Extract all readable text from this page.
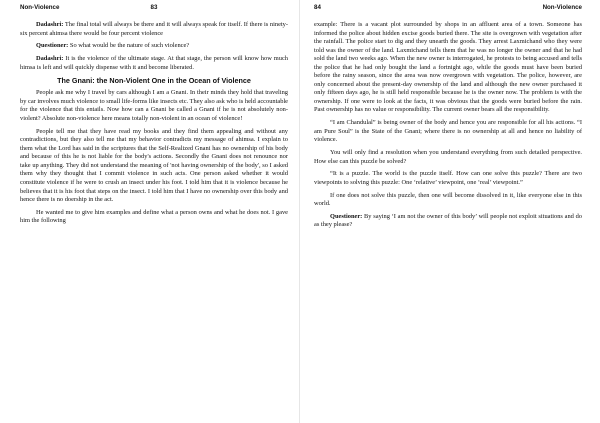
Non-Violence	83

Dadashri: The final total will always be there and it will always speak for itself. If there is ninety-six percent ahimsa there would be four percent violence

Questioner: So what would be the nature of such violence?

Dadashri: It is the violence of the ultimate stage. At that stage, the person will know how much himsa is left and will quickly dispense with it and become liberated.

The Gnani: the Non-Violent One in the Ocean of Violence

People ask me why I travel by cars although I am a Gnani. In their minds they hold that traveling by car involves much violence to small life-forms like insects etc. They also ask who is held accountable for the violence that this entails. Now how can a Gnani be called a Gnani if he is not absolutely non-violent? Absolute non-violence here means totally non-violent in an ocean of violence!

People tell me that they have read my books and they find them appealing and without any contradictions, but they also tell me that my behavior contradicts my message of ahimsa. I explain to them what the Lord has said in the scriptures that the Self-Realized Gnani has no ownership of his body and because of this he is not liable for the body's actions. Secondly the Gnani does not renounce nor take up anything. They did not understand the meaning of 'not having ownership of the body', so I asked them why they thought that I commit violence in such acts. One person asked whether it would constitute violence if he were to crush an insect under his foot. I told him that it is violence because he believes that it is his foot that steps on the insect. I told him that I have no ownership over this body and hence there is no doership in the act.

He wanted me to give him examples and define what a person owns and what he does not. I gave him the following

84	Non-Violence

example: There is a vacant plot surrounded by shops in an affluent area of a town. Someone has informed the police about hidden excise goods buried there. The site is overgrown with vegetation after the rainfall. The police start to dig and they unearth the goods. They arrest Laxmichand who they were told was the owner of the land. Laxmichand tells them that he was no longer the owner and that he had sold the land two weeks ago. When the new owner is interrogated, he protests to being accused and tells the police that he had only bought the land a fortnight ago, while the goods must have been buried before the rainy season, since the area was now overgrown with vegetation. The police, however, are only concerned about the present-day ownership of the land and although the new owner purchased it only fifteen days ago, he is still held responsible because he is the owner now. The problem is with the ownership. If one were to look at the facts, it was obvious that the goods were buried before the rain. Past ownership has no value or responsibility. The current owner bears all the responsibility.

“I am Chandulal” is being owner of the body and hence you are responsible for all his actions. “I am Pure Soul” is the State of the Gnani; where there is no ownership at all and hence no liability of violence.

You will only find a resolution when you understand everything from such detailed perspective. How else can this puzzle be solved?

“It is a puzzle. The world is the puzzle itself. How can one solve this puzzle? There are two viewpoints to solving this puzzle: One ‘relative’ viewpoint, one ‘real’ viewpoint.”

If one does not solve this puzzle, then one will become dissolved in it, like everyone else in this world.

Questioner: By saying ‘I am not the owner of this body’ will people not exploit situations and do as they please?
